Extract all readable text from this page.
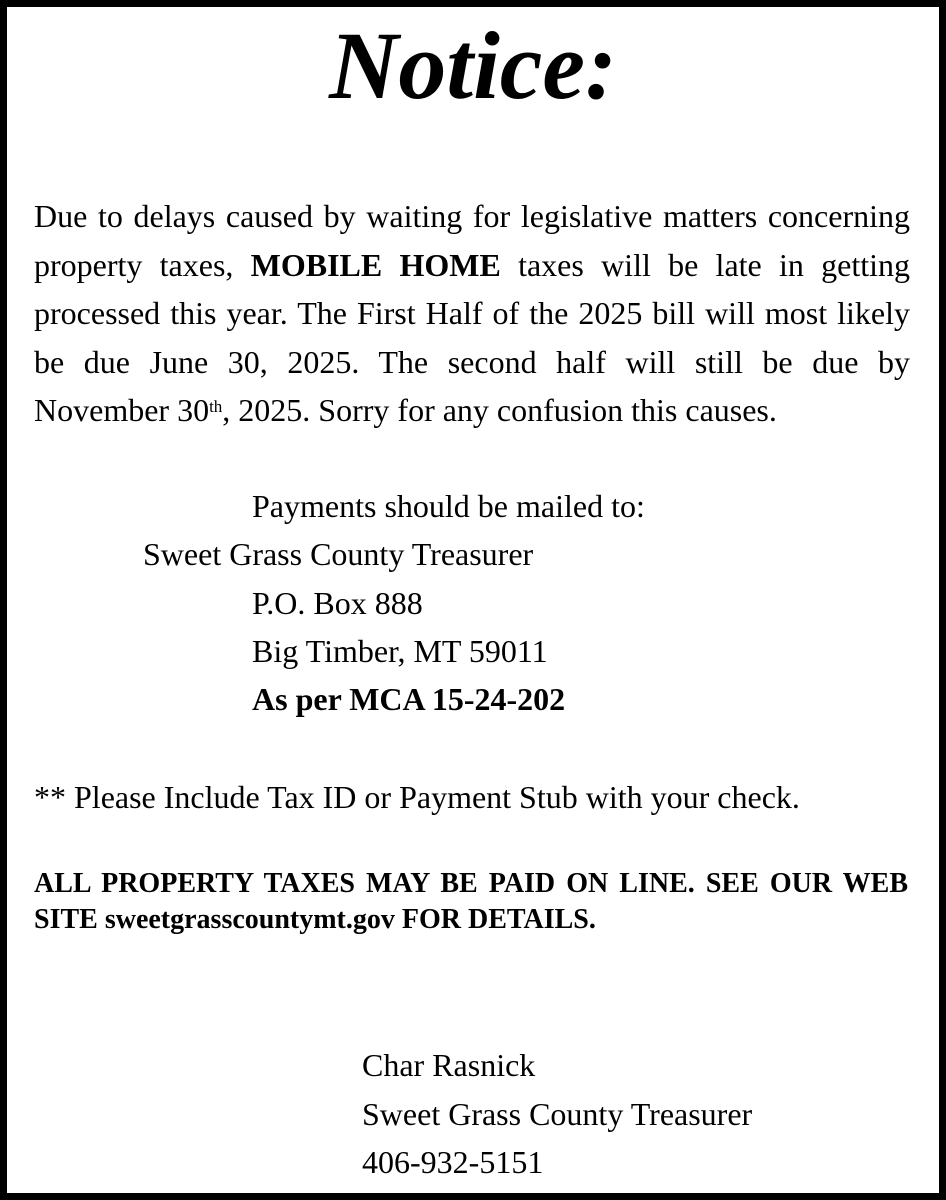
Notice:

Due to delays caused by waiting for legislative matters concerning property taxes, MOBILE HOME taxes will be late in getting processed this year. The First Half of the 2025 bill will most likely be due June 30, 2025. The second half will still be due by November 30th, 2025. Sorry for any confusion this causes.

Payments should be mailed to:

Sweet Grass County Treasurer

P.O. Box 888

Big Timber, MT 59011

As per MCA 15-24-202

** Please Include Tax ID or Payment Stub with your check.

ALL PROPERTY TAXES MAY BE PAID ON LINE. SEE OUR WEB SITE sweetgrasscountymt.gov FOR DETAILS.

Char Rasnick

Sweet Grass County Treasurer

406-932-5151
